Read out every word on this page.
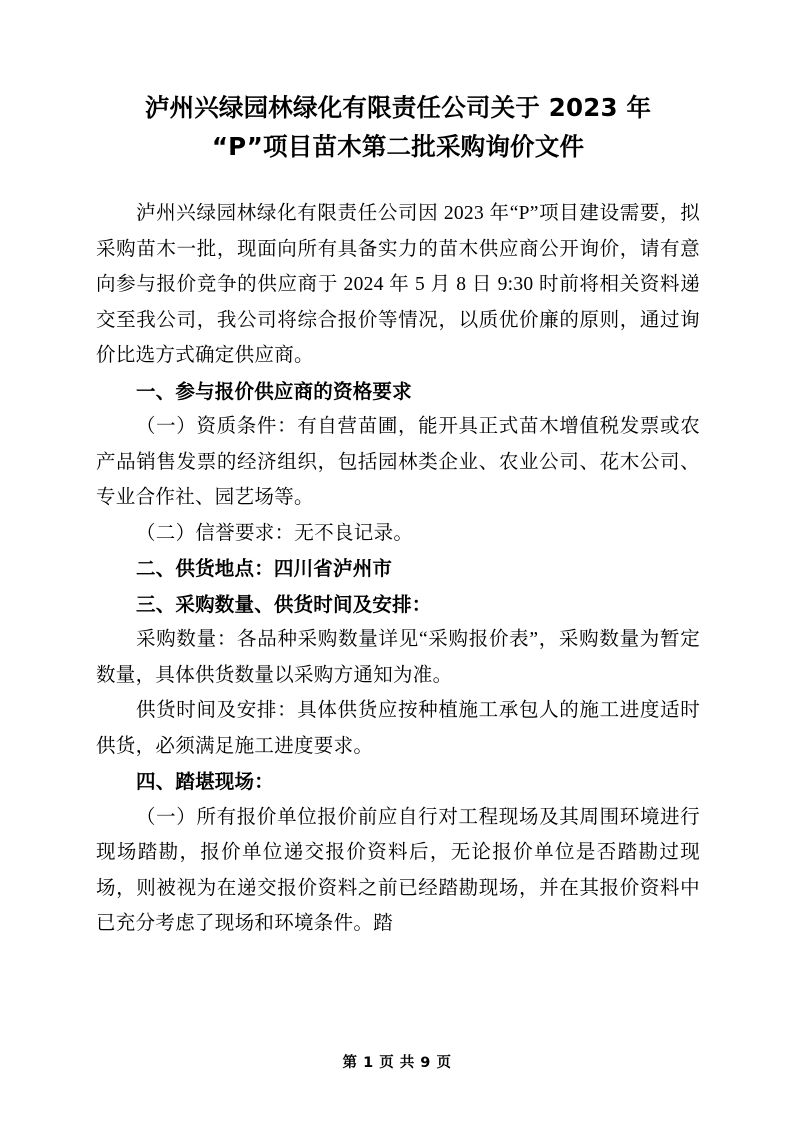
泸州兴绿园林绿化有限责任公司关于 2023 年
“P”项目苗木第二批采购询价文件

泸州兴绿园林绿化有限责任公司因 2023 年“P”项目建设需要，拟采购苗木一批，现面向所有具备实力的苗木供应商公开询价，请有意向参与报价竞争的供应商于 2024 年 5 月 8 日 9:30 时前将相关资料递交至我公司，我公司将综合报价等情况，以质优价廉的原则，通过询价比选方式确定供应商。

一、参与报价供应商的资格要求

（一）资质条件：有自营苗圃，能开具正式苗木增值税发票或农产品销售发票的经济组织，包括园林类企业、农业公司、花木公司、专业合作社、园艺场等。

（二）信誉要求：无不良记录。

二、供货地点：四川省泸州市

三、采购数量、供货时间及安排：

采购数量：各品种采购数量详见“采购报价表”，采购数量为暂定数量，具体供货数量以采购方通知为准。

供货时间及安排：具体供货应按种植施工承包人的施工进度适时供货，必须满足施工进度要求。

四、踏堪现场：

（一）所有报价单位报价前应自行对工程现场及其周围环境进行现场踏勘，报价单位递交报价资料后，无论报价单位是否踏勘过现场，则被视为在递交报价资料之前已经踏勘现场，并在其报价资料中已充分考虑了现场和环境条件。踏

第 1 页 共 9 页
